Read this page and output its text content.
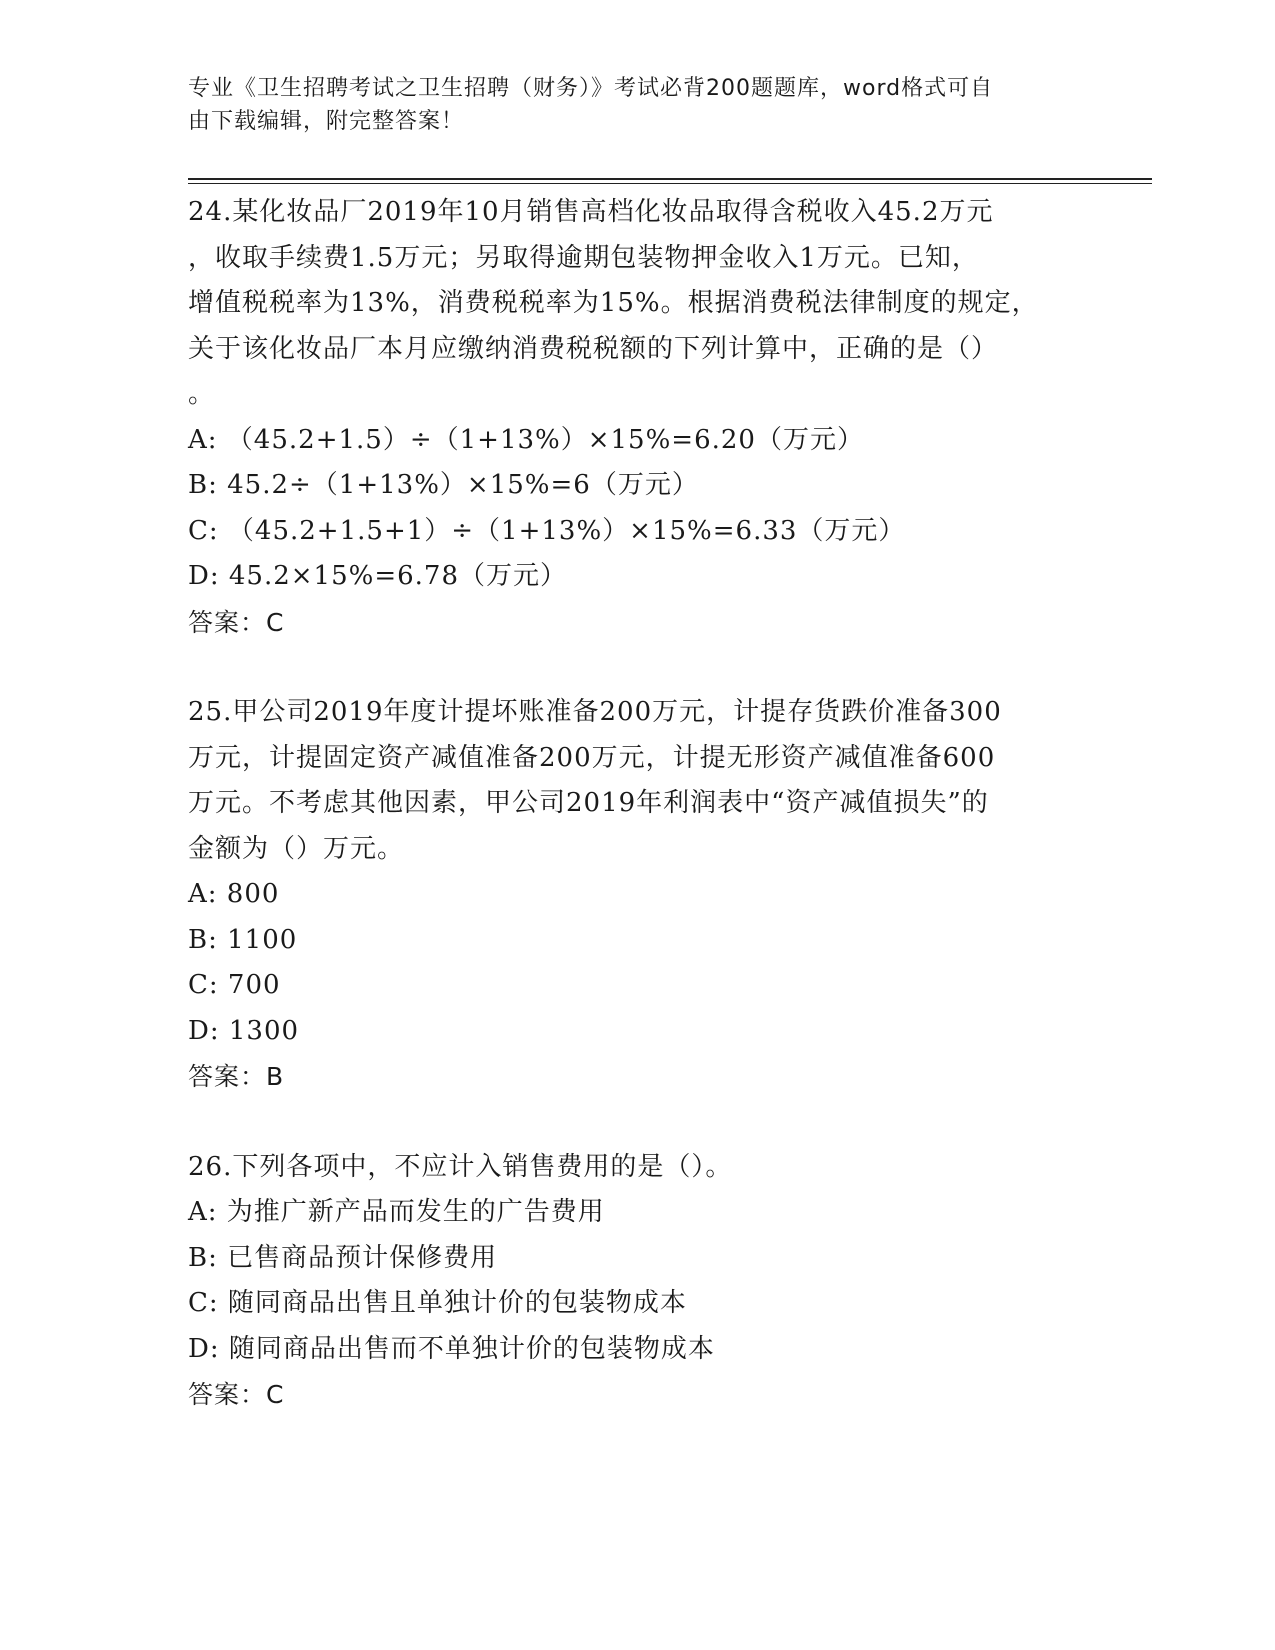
专业《卫生招聘考试之卫生招聘（财务）》考试必背200题题库，word格式可自
由下载编辑，附完整答案！
24.某化妆品厂2019年10月销售高档化妆品取得含税收入45.2万元
，收取手续费1.5万元；另取得逾期包装物押金收入1万元。已知，
增值税税率为13%，消费税税率为15%。根据消费税法律制度的规定，
关于该化妆品厂本月应缴纳消费税税额的下列计算中，正确的是（）
。
A: （45.2+1.5）÷（1+13%）×15%=6.20（万元）
B: 45.2÷（1+13%）×15%=6（万元）
C: （45.2+1.5+1）÷（1+13%）×15%=6.33（万元）
D: 45.2×15%=6.78（万元）
答案：C
25.甲公司2019年度计提坏账准备200万元，计提存货跌价准备300
万元，计提固定资产减值准备200万元，计提无形资产减值准备600
万元。不考虑其他因素，甲公司2019年利润表中“资产减值损失”的
金额为（）万元。
A: 800
B: 1100
C: 700
D: 1300
答案：B
26.下列各项中，不应计入销售费用的是（）。
A: 为推广新产品而发生的广告费用
B: 已售商品预计保修费用
C: 随同商品出售且单独计价的包装物成本
D: 随同商品出售而不单独计价的包装物成本
答案：C
